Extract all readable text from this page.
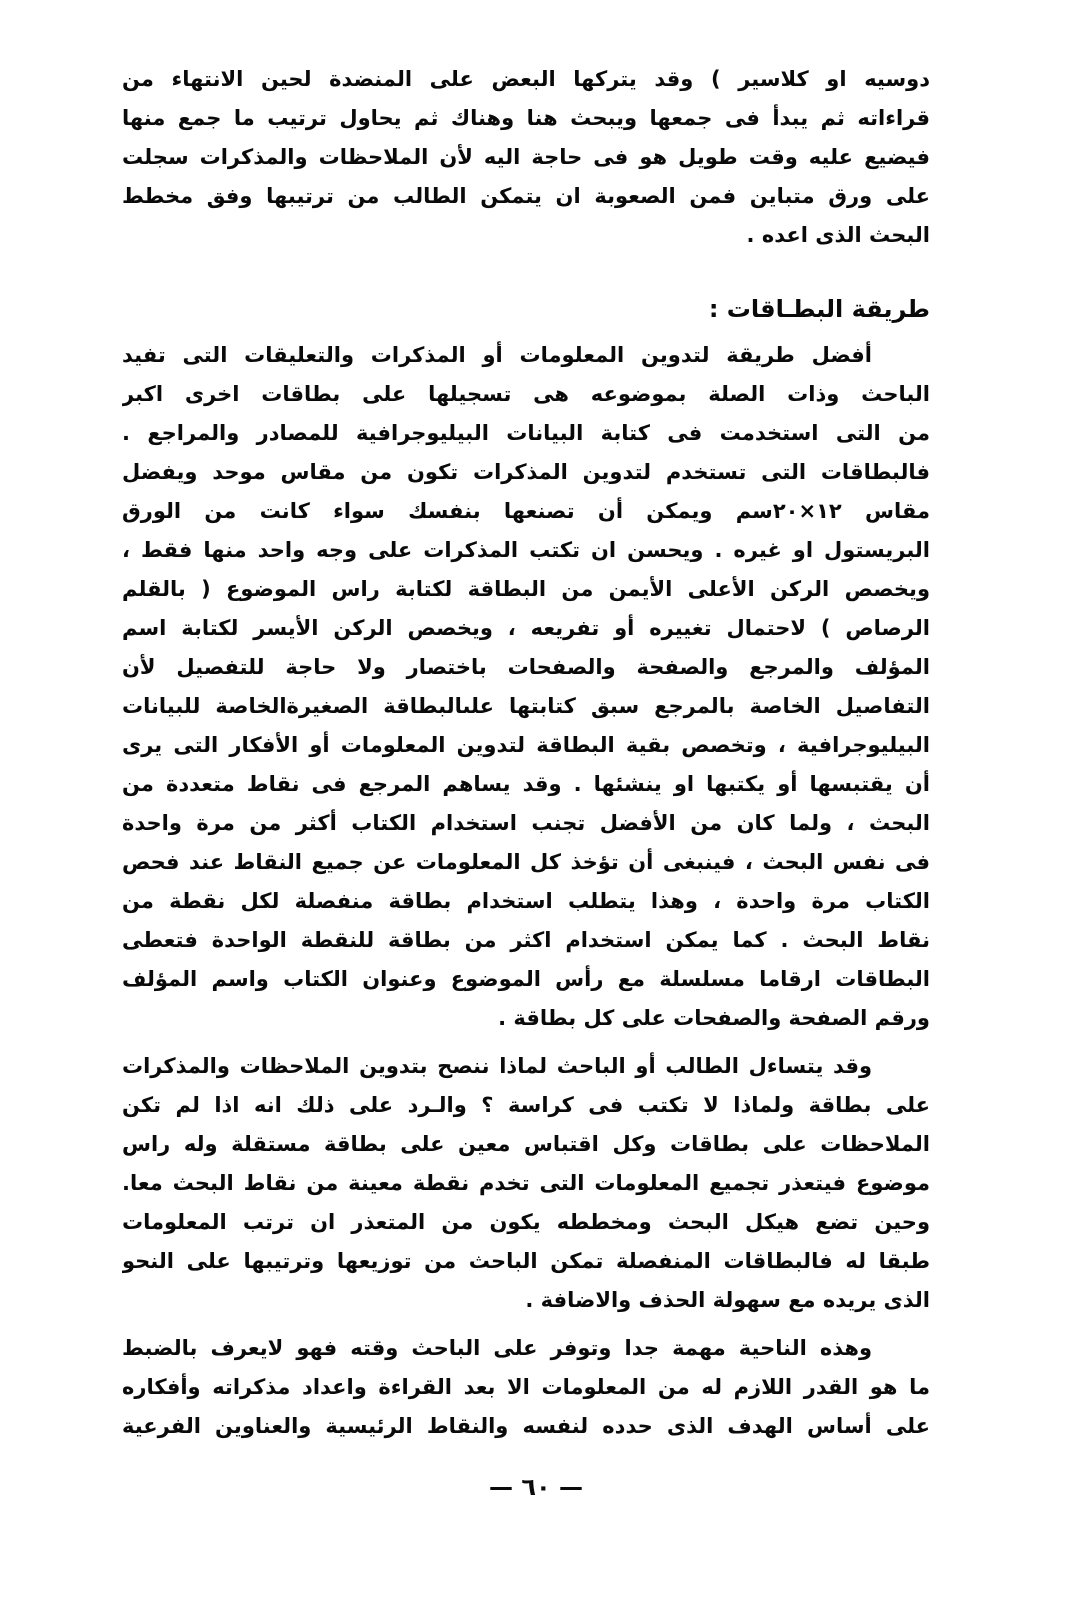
دوسيه او كلاسير ) وقد يتركها البعض على المنضدة لحين الانتهاء من
قراءاته ثم يبدأ فى جمعها ويبحث هنا وهناك ثم يحاول ترتيب ما جمع منها
فيضيع عليه وقت طويل هو فى حاجة اليه لأن الملاحظات والمذكرات سجلت
على ورق متباين فمن الصعوبة ان يتمكن الطالب من ترتيبها وفق مخطط
البحث الذى اعده .
طريقة البطـاقات :
أفضل طريقة لتدوين المعلومات أو المذكرات والتعليقات التى تفيد
الباحث وذات الصلة بموضوعه هى تسجيلها على بطاقات اخرى اكبر
من التى استخدمت فى كتابة البيانات البيليوجرافية للمصادر والمراجع .
فالبطاقات التى تستخدم لتدوين المذكرات تكون من مقاس موحد ويفضل
مقاس ١٢×٢٠سم ويمكن أن تصنعها بنفسك سواء كانت من الورق
البريستول او غيره . ويحسن ان تكتب المذكرات على وجه واحد منها فقط ،
ويخصص الركن الأعلى الأيمن من البطاقة لكتابة راس الموضوع ( بالقلم
الرصاص ) لاحتمال تغييره أو تفريعه ، ويخصص الركن الأيسر لكتابة اسم
المؤلف والمرجع والصفحة والصفحات باختصار ولا حاجة للتفصيل لأن
التفاصيل الخاصة بالمرجع سبق كتابتها علىالبطاقة الصغيرةالخاصة للبيانات
البيليوجرافية ، وتخصص بقية البطاقة لتدوين المعلومات أو الأفكار التى يرى
أن يقتبسها أو يكتبها او ينشئها . وقد يساهم المرجع فى نقاط متعددة من
البحث ، ولما كان من الأفضل تجنب استخدام الكتاب أكثر من مرة واحدة
فى نفس البحث ، فينبغى أن تؤخذ كل المعلومات عن جميع النقاط عند فحص
الكتاب مرة واحدة ، وهذا يتطلب استخدام بطاقة منفصلة لكل نقطة من
نقاط البحث . كما يمكن استخدام اكثر من بطاقة للنقطة الواحدة فتعطى
البطاقات ارقاما مسلسلة مع رأس الموضوع وعنوان الكتاب واسم المؤلف
ورقم الصفحة والصفحات على كل بطاقة .
وقد يتساءل الطالب أو الباحث لماذا ننصح بتدوين الملاحظات والمذكرات
على بطاقة ولماذا لا تكتب فى كراسة ؟ والـرد على ذلك انه اذا لم تكن
الملاحظات على بطاقات وكل اقتباس معين على بطاقة مستقلة وله راس
موضوع فيتعذر تجميع المعلومات التى تخدم نقطة معينة من نقاط البحث معا.
وحين تضع هيكل البحث ومخططه يكون من المتعذر ان ترتب المعلومات
طبقا له فالبطاقات المنفصلة تمكن الباحث من توزيعها وترتيبها على النحو
الذى يريده مع سهولة الحذف والاضافة .
وهذه الناحية مهمة جدا وتوفر على الباحث وقته فهو لايعرف بالضبط
ما هو القدر اللازم له من المعلومات الا بعد القراءة واعداد مذكراته وأفكاره
على أساس الهدف الذى حدده لنفسه والنقاط الرئيسية والعناوين الفرعية
— ٦٠ —
